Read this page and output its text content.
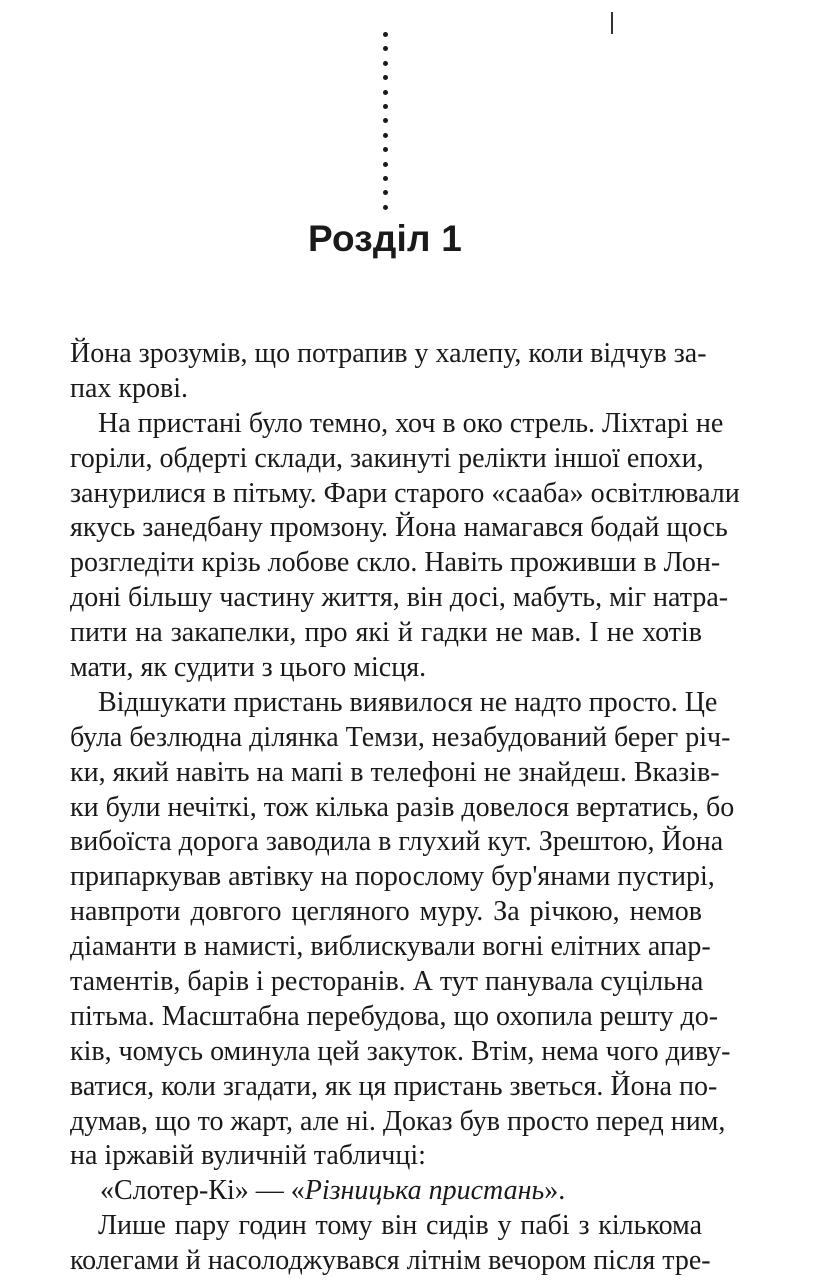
Розділ 1
Йона зрозумів, що потрапив у халепу, коли відчув за-
пах крові.
На пристані було темно, хоч в око стрель. Ліхтарі не
горіли, обдерті склади, закинуті релікти іншої епохи,
занурилися в пітьму. Фари старого «сааба» освітлювали
якусь занедбану промзону. Йона намагався бодай щось
розгледіти крізь лобове скло. Навіть проживши в Лон-
доні більшу частину життя, він досі, мабуть, міг натра-
пити на закапелки, про які й гадки не мав. І не хотів
мати, як судити з цього місця.
Відшукати пристань виявилося не надто просто. Це
була безлюдна ділянка Темзи, незабудований берег річ-
ки, який навіть на мапі в телефоні не знайдеш. Вказів-
ки були нечіткі, тож кілька разів довелося вертатись, бо
вибоїста дорога заводила в глухий кут. Зрештою, Йона
припаркував автівку на порослому бур'янами пустирі,
навпроти довгого цегляного муру. За річкою, немов
діаманти в намисті, виблискували вогні елітних апар-
таментів, барів і ресторанів. А тут панувала суцільна
пітьма. Масштабна перебудова, що охопила решту до-
ків, чомусь оминула цей закуток. Втім, нема чого диву-
ватися, коли згадати, як ця пристань зветься. Йона по-
думав, що то жарт, але ні. Доказ був просто перед ним,
на іржавій вуличній табличці:
«Слотер-Кі» — «Різницька пристань».
Лише пару годин тому він сидів у пабі з кількома
колегами й насолоджувався літнім вечором після тре-
